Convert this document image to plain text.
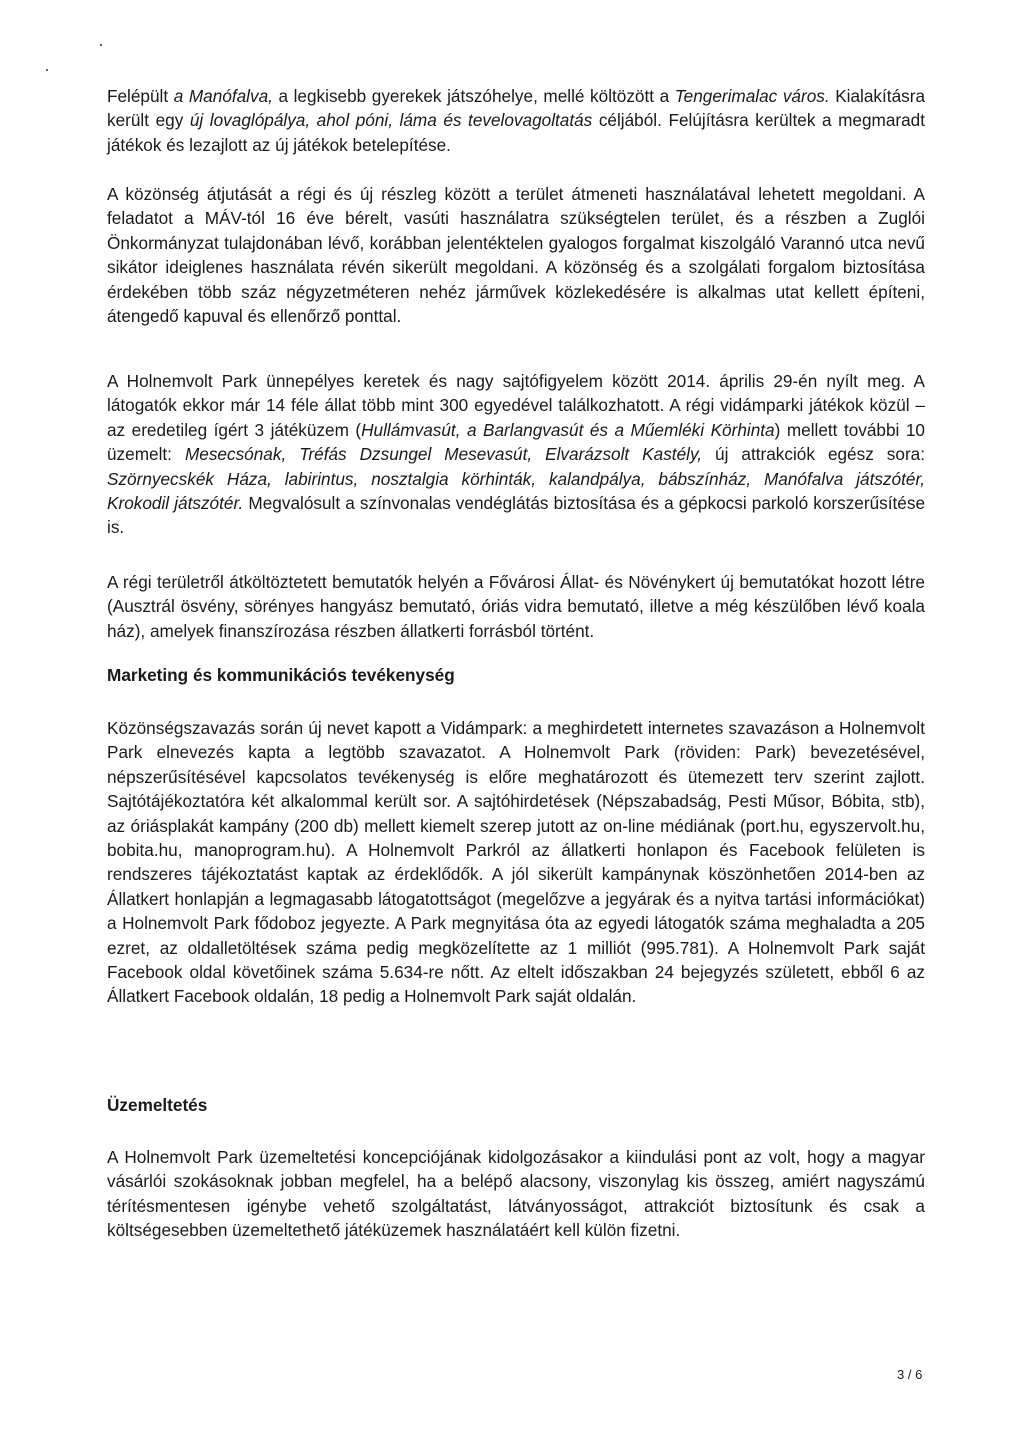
Felépült a Manófalva, a legkisebb gyerekek játszóhelye, mellé költözött a Tengerimalac város. Kialakításra került egy új lovaglópálya, ahol póni, láma és tevelovagoltatás céljából. Felújításra kerültek a megmaradt játékok és lezajlott az új játékok betelepítése.

A közönség átjutását a régi és új részleg között a terület átmeneti használatával lehetett megoldani. A feladatot a MÁV-tól 16 éve bérelt, vasúti használatra szükségtelen terület, és a részben a Zuglói Önkormányzat tulajdonában lévő, korábban jelentéktelen gyalogos forgalmat kiszolgáló Varannó utca nevű sikátor ideiglenes használata révén sikerült megoldani. A közönség és a szolgálati forgalom biztosítása érdekében több száz négyzetméteren nehéz járművek közlekedésére is alkalmas utat kellett építeni, átengedő kapuval és ellenőrző ponttal.

A Holnemvolt Park ünnepélyes keretek és nagy sajtófigyelem között 2014. április 29-én nyílt meg. A látogatók ekkor már 14 féle állat több mint 300 egyedével találkozhatott. A régi vidámparki játékok közül – az eredetileg ígért 3 játéküzem (Hullámvasút, a Barlangvasút és a Műemléki Körhinta) mellett további 10 üzemelt: Mesecsónak, Tréfás Dzsungel Mesevasút, Elvarázsolt Kastély, új attrakciók egész sora: Szörnyecskék Háza, labirintus, nosztalgia körhinták, kalandpálya, bábszínház, Manófalva játszótér, Krokodil játszótér. Megvalósult a színvonalas vendéglátás biztosítása és a gépkocsi parkoló korszerűsítése is.

A régi területről átköltöztetett bemutatók helyén a Fővárosi Állat- és Növénykert új bemutatókat hozott létre (Ausztrál ösvény, sörényes hangyász bemutató, óriás vidra bemutató, illetve a még készülőben lévő koala ház), amelyek finanszírozása részben állatkerti forrásból történt.

Marketing és kommunikációs tevékenység

Közönségszavazás során új nevet kapott a Vidámpark: a meghirdetett internetes szavazáson a Holnemvolt Park elnevezés kapta a legtöbb szavazatot. A Holnemvolt Park (röviden: Park) bevezetésével, népszerűsítésével kapcsolatos tevékenység is előre meghatározott és ütemezett terv szerint zajlott. Sajtótájékoztatóra két alkalommal került sor. A sajtóhirdetések (Népszabadság, Pesti Műsor, Bóbita, stb), az óriásplakát kampány (200 db) mellett kiemelt szerep jutott az on-line médiának (port.hu, egyszervolt.hu, bobita.hu, manoprogram.hu). A Holnemvolt Parkról az állatkerti honlapon és Facebook felületen is rendszeres tájékoztatást kaptak az érdeklődők. A jól sikerült kampánynak köszönhetően 2014-ben az Állatkert honlapján a legmagasabb látogatottságot (megelőzve a jegyárak és a nyitva tartási információkat) a Holnemvolt Park fődoboz jegyezte. A Park megnyitása óta az egyedi látogatók száma meghaladta a 205 ezret, az oldalletöltések száma pedig megközelítette az 1 milliót (995.781). A Holnemvolt Park saját Facebook oldal követőinek száma 5.634-re nőtt. Az eltelt időszakban 24 bejegyzés született, ebből 6 az Állatkert Facebook oldalán, 18 pedig a Holnemvolt Park saját oldalán.

Üzemeltetés

A Holnemvolt Park üzemeltetési koncepciójának kidolgozásakor a kiindulási pont az volt, hogy a magyar vásárlói szokásoknak jobban megfelel, ha a belépő alacsony, viszonylag kis összeg, amiért nagyszámú térítésmentesen igénybe vehető szolgáltatást, látványosságot, attrakciót biztosítunk és csak a költségesebben üzemeltethető játéküzemek használatáért kell külön fizetni.

3 / 6
